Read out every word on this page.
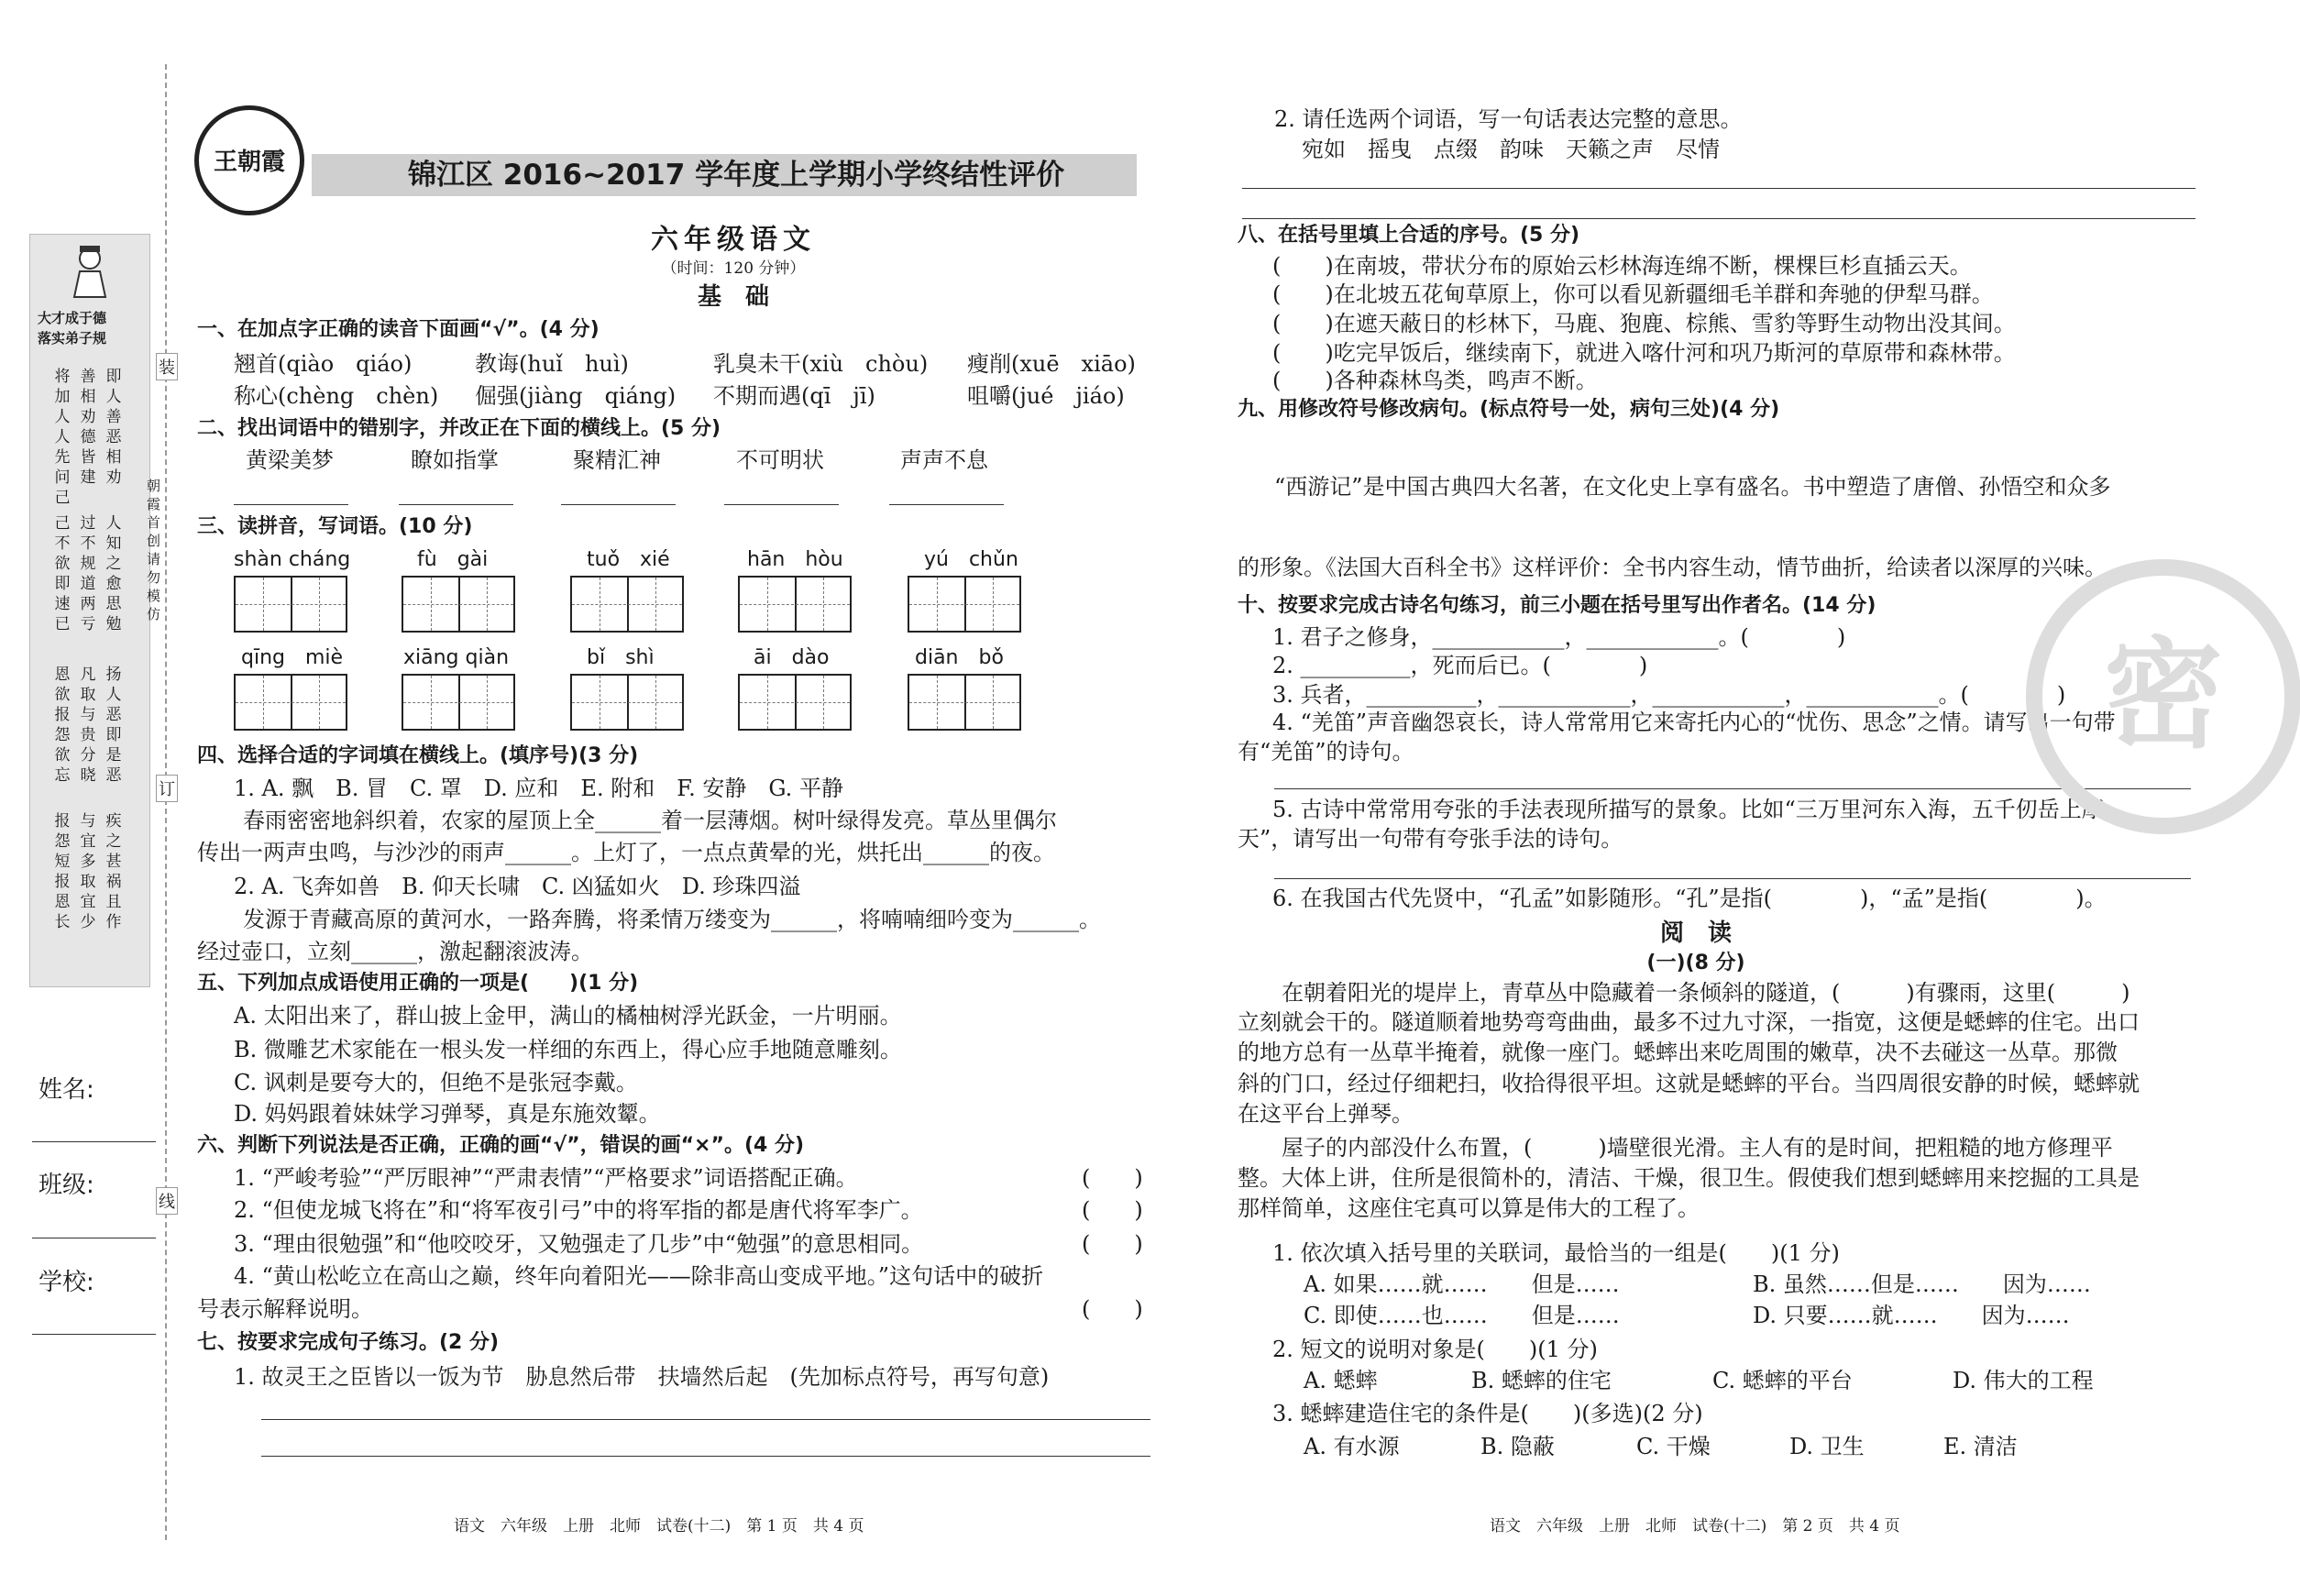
装
订
线
大才成于德
落实弟子规
将加人人先问己
善相劝德皆建
即人善恶相劝
己不欲即速已
过不规道两亏
人知之愈思勉
恩欲报怨欲忘
凡取与贵分晓
扬人恶即是恶
报怨短报恩长
与宜多取宜少
疾之甚祸且作
朝霞首创 请勿模仿
姓名:
班级:
学校:
王朝霞	锦江区 2016~2017 学年度上学期小学终结性评价
六年级语文
（时间：120 分钟）
基　础
一、在加点字正确的读音下面画“√”。(4 分)
翘首(qiào　qiáo)	教诲(huǐ　huì)	乳臭未干(xiù　chòu) 瘦削(xuē　xiāo)
称心(chèng　chèn) 倔强(jiàng　qiáng) 不期而遇(qī　jī)	咀嚼(jué　jiáo)
二、找出词语中的错别字，并改正在下面的横线上。(5 分)
黄梁美梦	瞭如指掌	聚精汇神	不可明状	声声不息
三、读拼音，写词语。(10 分)
shàn cháng	fù　gài	tuǒ　xié	hān　hòu	yú　chǔn
qīng　miè	xiāng qiàn	bǐ　shì	āi　dào	diān　bǒ
四、选择合适的字词填在横线上。(填序号)(3 分)
1. A. 飘　B. 冒　C. 罩　D. 应和　E. 附和　F. 安静　G. 平静
春雨密密地斜织着，农家的屋顶上全______着一层薄烟。树叶绿得发亮。草丛里偶尔
传出一两声虫鸣，与沙沙的雨声______。上灯了，一点点黄晕的光，烘托出______的夜。
2. A. 飞奔如兽　B. 仰天长啸　C. 凶猛如火　D. 珍珠四溢
发源于青藏高原的黄河水，一路奔腾，将柔情万缕变为______，将喃喃细吟变为______。
经过壶口，立刻______，激起翻滚波涛。
五、下列加点成语使用正确的一项是(　　)(1 分)
A. 太阳出来了，群山披上金甲，满山的橘柚树浮光跃金，一片明丽。
B. 微雕艺术家能在一根头发一样细的东西上，得心应手地随意雕刻。
C. 讽刺是要夸大的，但绝不是张冠李戴。
D. 妈妈跟着妹妹学习弹琴，真是东施效颦。
六、判断下列说法是否正确，正确的画“√”，错误的画“×”。(4 分)
1. “严峻考验”“严厉眼神”“严肃表情”“严格要求”词语搭配正确。	(　　)
2. “但使龙城飞将在”和“将军夜引弓”中的将军指的都是唐代将军李广。	(　　)
3. “理由很勉强”和“他咬咬牙，又勉强走了几步”中“勉强”的意思相同。	(　　)
4. “黄山松屹立在高山之巅，终年向着阳光——除非高山变成平地。”这句话中的破折
号表示解释说明。	(　　)
七、按要求完成句子练习。(2 分)
1. 故灵王之臣皆以一饭为节　胁息然后带　扶墙然后起　(先加标点符号，再写句意)
语文　六年级　上册　北师　试卷(十二)　第 1 页　共 4 页
2. 请任选两个词语，写一句话表达完整的意思。
宛如　摇曳　点缀　韵味　天籁之声　尽情
八、在括号里填上合适的序号。(5 分)
(　　)在南坡，带状分布的原始云杉林海连绵不断，棵棵巨杉直插云天。
(　　)在北坡五花甸草原上，你可以看见新疆细毛羊群和奔驰的伊犁马群。
(　　)在遮天蔽日的杉林下，马鹿、狍鹿、棕熊、雪豹等野生动物出没其间。
(　　)吃完早饭后，继续南下，就进入喀什河和巩乃斯河的草原带和森林带。
(　　)各种森林鸟类，鸣声不断。
九、用修改符号修改病句。(标点符号一处，病句三处)(4 分)
“西游记”是中国古典四大名著，在文化史上享有盛名。书中塑造了唐僧、孙悟空和众多
的形象。《法国大百科全书》这样评价：全书内容生动，情节曲折，给读者以深厚的兴味。
十、按要求完成古诗名句练习，前三小题在括号里写出作者名。(14 分)
1. 君子之修身，____________，____________。(　　　　)
2. __________，死而后已。(　　　　)
3. 兵者，__________，____________，____________，____________。(　　　　)
4. “羌笛”声音幽怨哀长，诗人常常用它来寄托内心的“忧伤、思念”之情。请写出一句带
有“羌笛”的诗句。
5. 古诗中常常用夸张的手法表现所描写的景象。比如“三万里河东入海，五千仞岳上摩
天”，请写出一句带有夸张手法的诗句。
6. 在我国古代先贤中，“孔孟”如影随形。“孔”是指(　　　　)，“孟”是指(　　　　)。
阅　读
(一)(8 分)
在朝着阳光的堤岸上，青草丛中隐藏着一条倾斜的隧道，(　　　)有骤雨，这里(　　　)
立刻就会干的。隧道顺着地势弯弯曲曲，最多不过九寸深，一指宽，这便是蟋蟀的住宅。出口
的地方总有一丛草半掩着，就像一座门。蟋蟀出来吃周围的嫩草，决不去碰这一丛草。那微
斜的门口，经过仔细耙扫，收拾得很平坦。这就是蟋蟀的平台。当四周很安静的时候，蟋蟀就
在这平台上弹琴。
屋子的内部没什么布置，(　　　)墙壁很光滑。主人有的是时间，把粗糙的地方修理平
整。大体上讲，住所是很简朴的，清洁、干燥，很卫生。假使我们想到蟋蟀用来挖掘的工具是
那样简单，这座住宅真可以算是伟大的工程了。
1. 依次填入括号里的关联词，最恰当的一组是(　　)(1 分)
A. 如果……就……　　但是……	B. 虽然……但是……　　因为……
C. 即使……也……　　但是……	D. 只要……就……　　因为……
2. 短文的说明对象是(　　)(1 分)
A. 蟋蟀	B. 蟋蟀的住宅	C. 蟋蟀的平台	D. 伟大的工程
3. 蟋蟀建造住宅的条件是(　　)(多选)(2 分)
A. 有水源	B. 隐蔽	C. 干燥	D. 卫生	E. 清洁
语文　六年级　上册　北师　试卷(十二)　第 2 页　共 4 页
密
